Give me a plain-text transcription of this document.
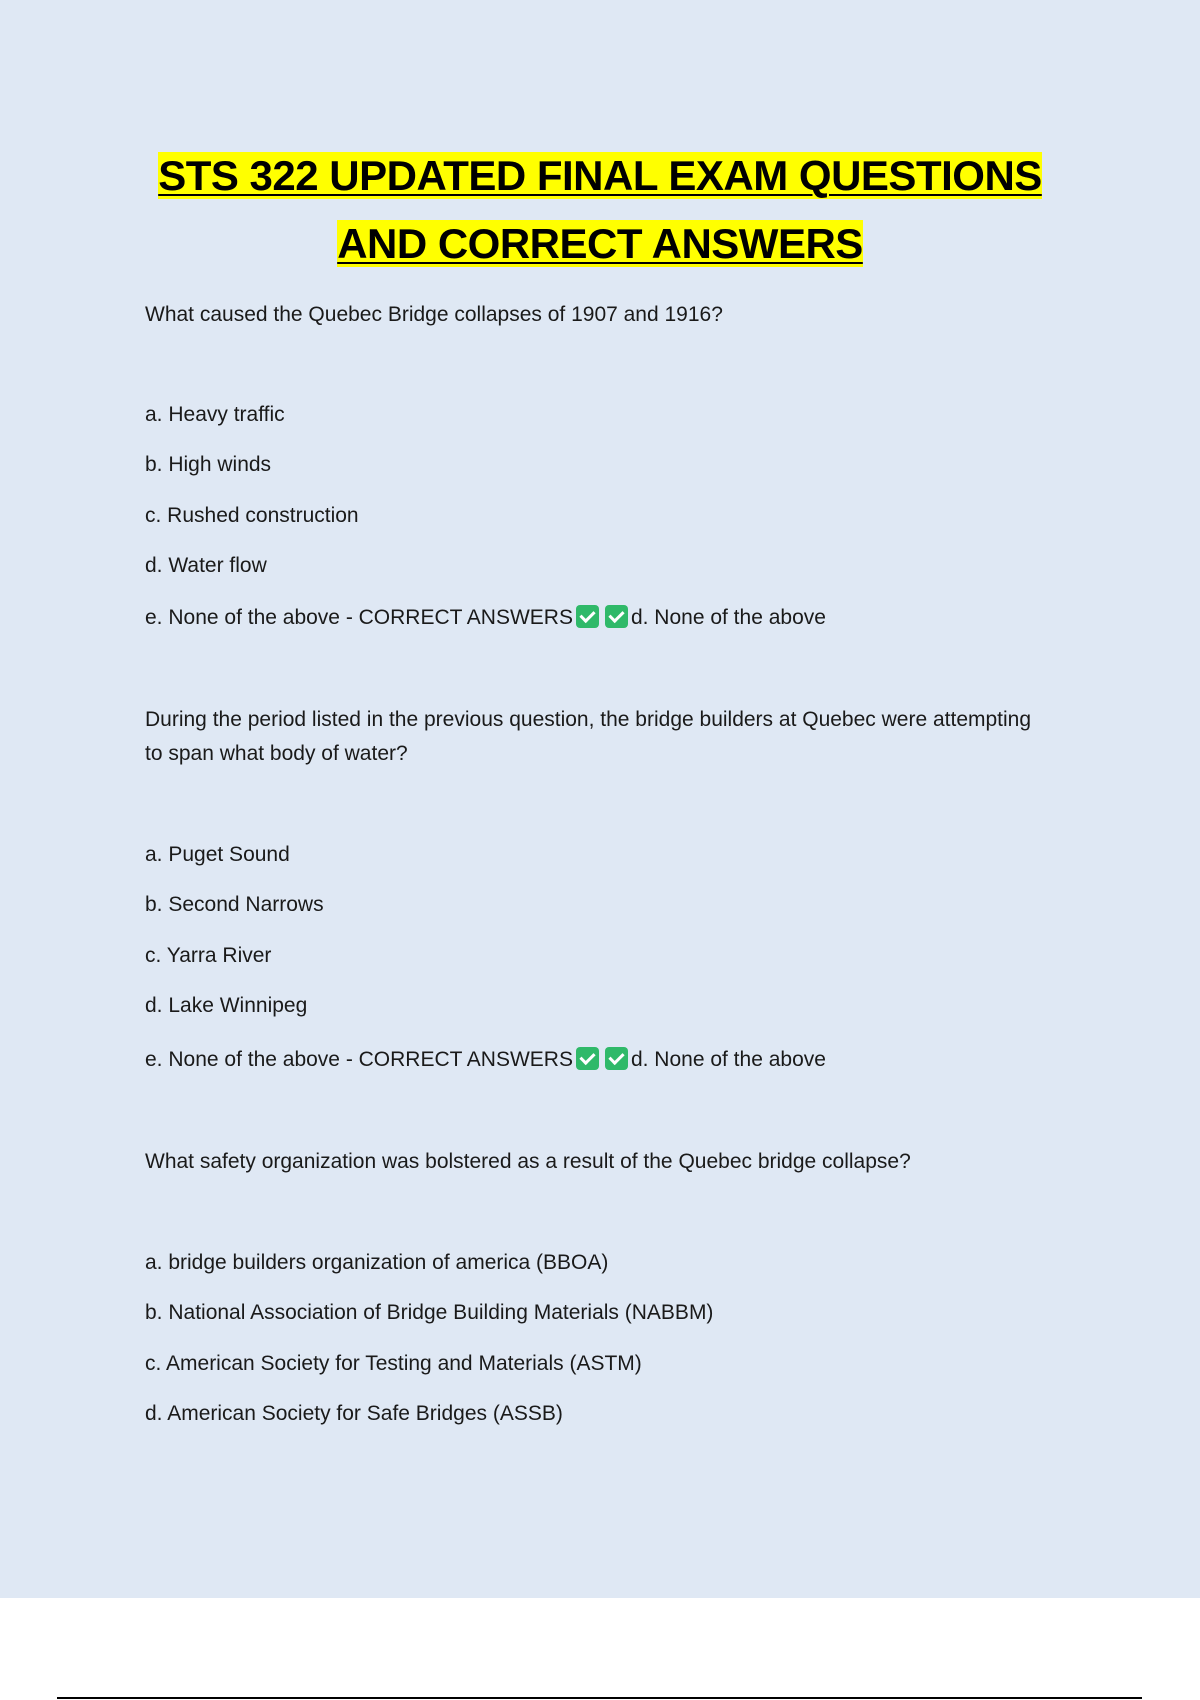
STS 322 UPDATED FINAL EXAM QUESTIONS
AND CORRECT ANSWERS
What caused the Quebec Bridge collapses of 1907 and 1916?
a. Heavy traffic
b. High winds
c. Rushed construction
d. Water flow
e. None of the above - CORRECT ANSWERS	d. None of the above
During the period listed in the previous question, the bridge builders at Quebec were attempting to span what body of water?
a. Puget Sound
b. Second Narrows
c. Yarra River
d. Lake Winnipeg
e. None of the above - CORRECT ANSWERS	d. None of the above
What safety organization was bolstered as a result of the Quebec bridge collapse?
a. bridge builders organization of america (BBOA)
b. National Association of Bridge Building Materials (NABBM)
c. American Society for Testing and Materials (ASTM)
d. American Society for Safe Bridges (ASSB)
